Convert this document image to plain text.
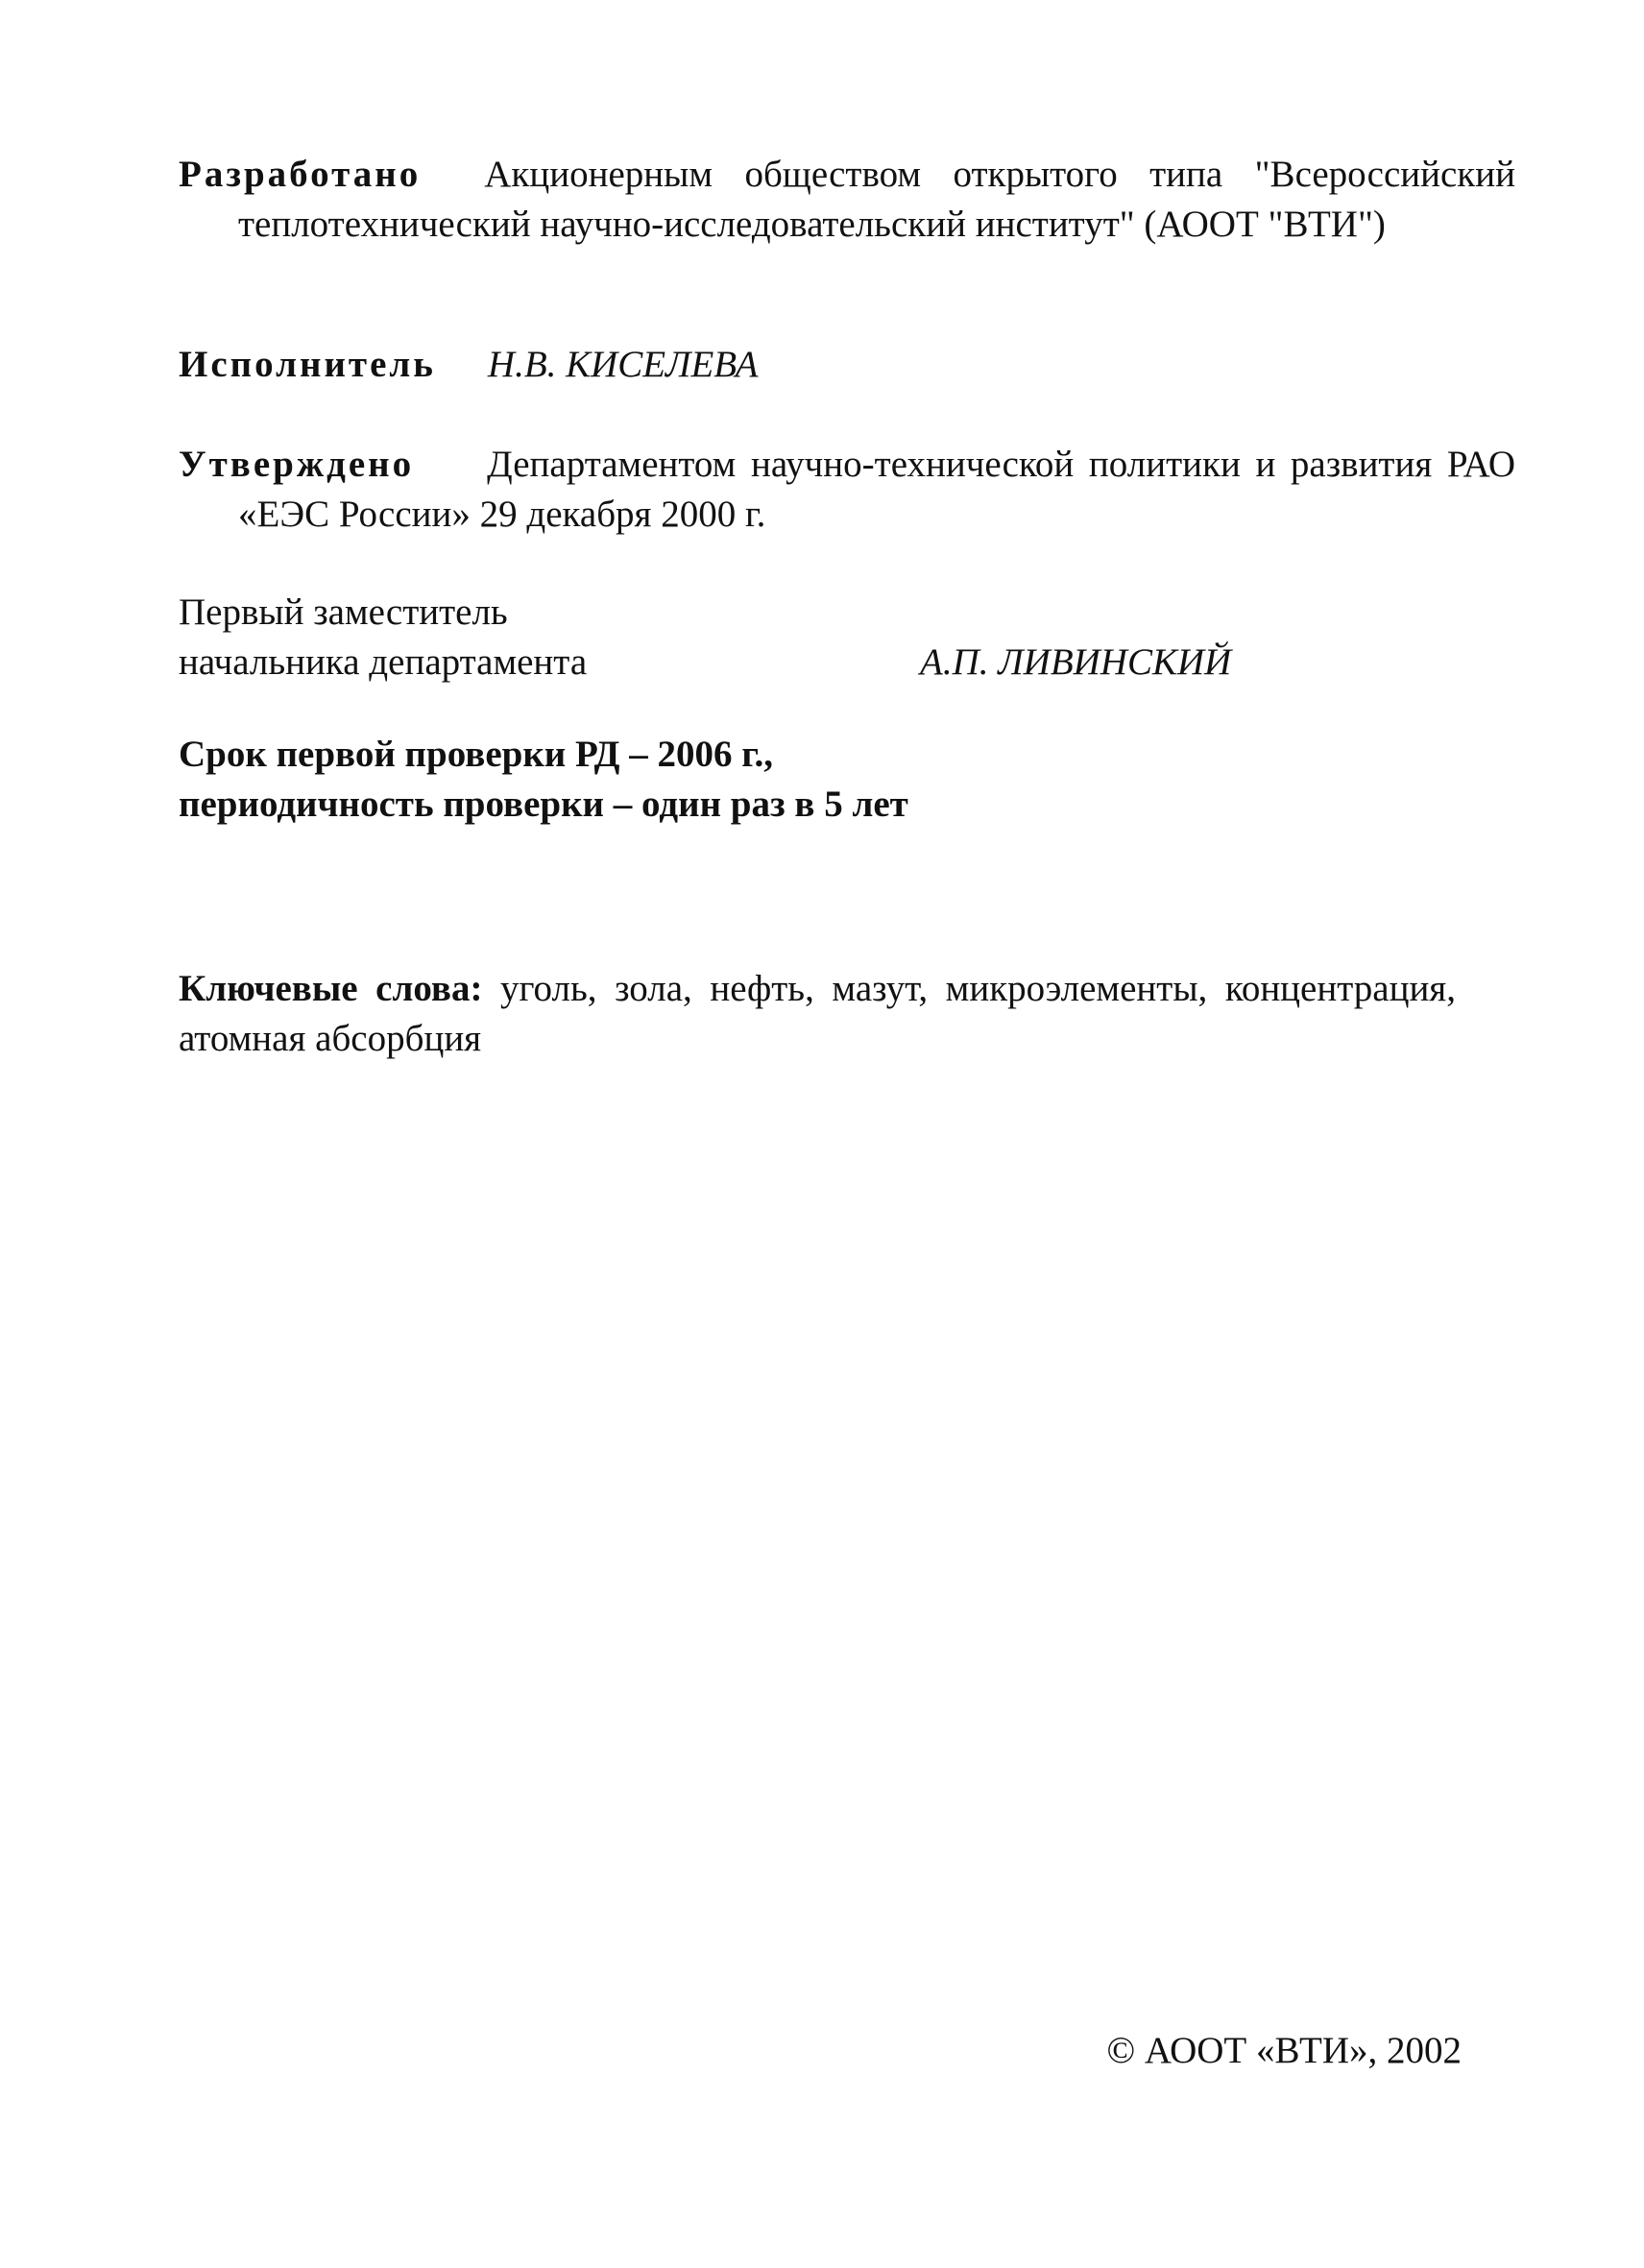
Разработано Акционерным обществом открытого типа "Всероссийский теплотехнический научно-исследовательский институт" (АООТ "ВТИ")
Исполнитель Н.В. КИСЕЛЕВА
Утверждено Департаментом научно-технической политики и развития РАО «ЕЭС России» 29 декабря 2000 г.
Первый заместитель
начальника департамента	А.П. ЛИВИНСКИЙ
Срок первой проверки РД – 2006 г.,
периодичность проверки – один раз в 5 лет
Ключевые слова: уголь, зола, нефть, мазут, микроэлементы, концентрация, атомная абсорбция
© АООТ «ВТИ», 2002
